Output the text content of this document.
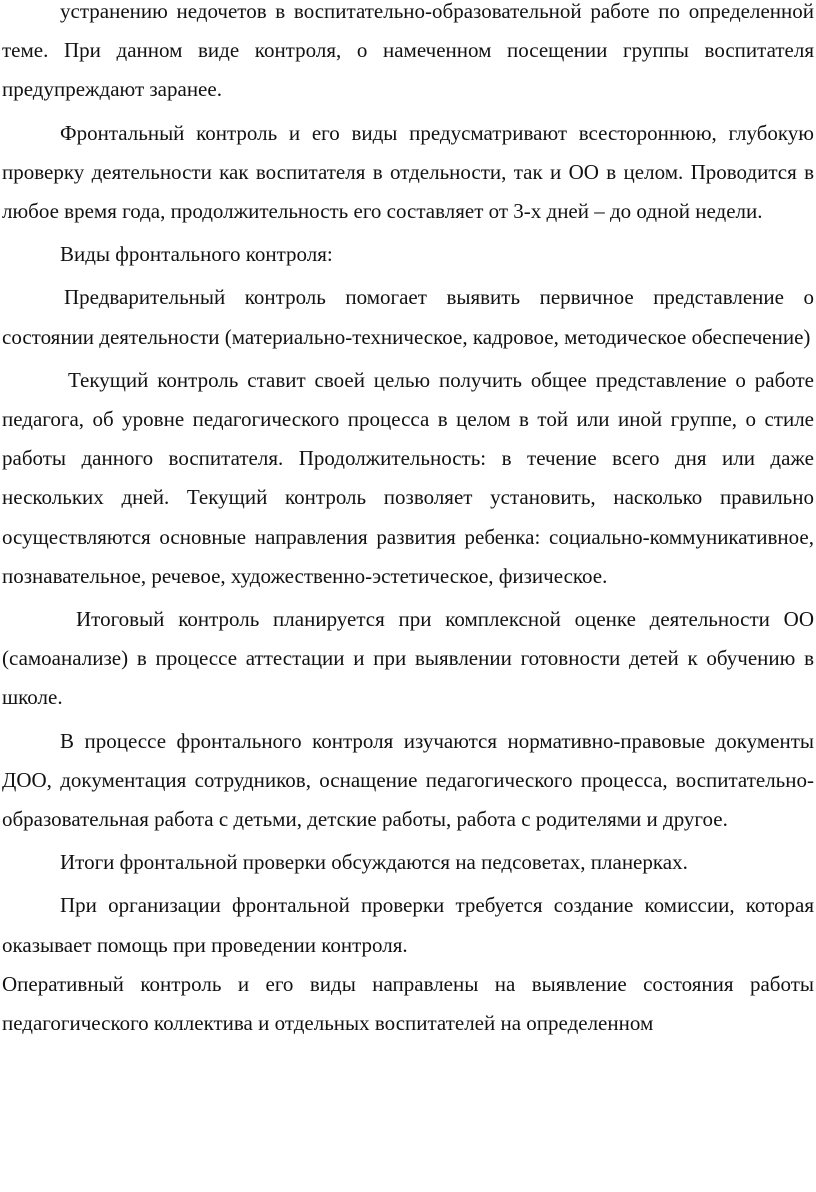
устранению недочетов в воспитательно-образовательной работе по определенной теме. При данном виде контроля, о намеченном посещении группы воспитателя предупреждают заранее.

Фронтальный контроль и его виды предусматривают всестороннюю, глубокую проверку деятельности как воспитателя в отдельности, так и ОО в целом. Проводится в любое время года, продолжительность его составляет от 3-х дней – до одной недели.

Виды фронтального контроля:

Предварительный контроль помогает выявить первичное представление о состоянии деятельности (материально-техническое, кадровое, методическое обеспечение)

Текущий контроль ставит своей целью получить общее представление о работе педагога, об уровне педагогического процесса в целом в той или иной группе, о стиле работы данного воспитателя. Продолжительность: в течение всего дня или даже нескольких дней. Текущий контроль позволяет установить, насколько правильно осуществляются основные направления развития ребенка: социально-коммуникативное, познавательное, речевое, художественно-эстетическое, физическое.

Итоговый контроль планируется при комплексной оценке деятельности ОО (самоанализе) в процессе аттестации и при выявлении готовности детей к обучению в школе.

В процессе фронтального контроля изучаются нормативно-правовые документы ДОО, документация сотрудников, оснащение педагогического процесса, воспитательно-образовательная работа с детьми, детские работы, работа с родителями и другое.

Итоги фронтальной проверки обсуждаются на педсоветах, планерках.

При организации фронтальной проверки требуется создание комиссии, которая оказывает помощь при проведении контроля.

Оперативный контроль и его виды направлены на выявление состояния работы педагогического коллектива и отдельных воспитателей на определенном
